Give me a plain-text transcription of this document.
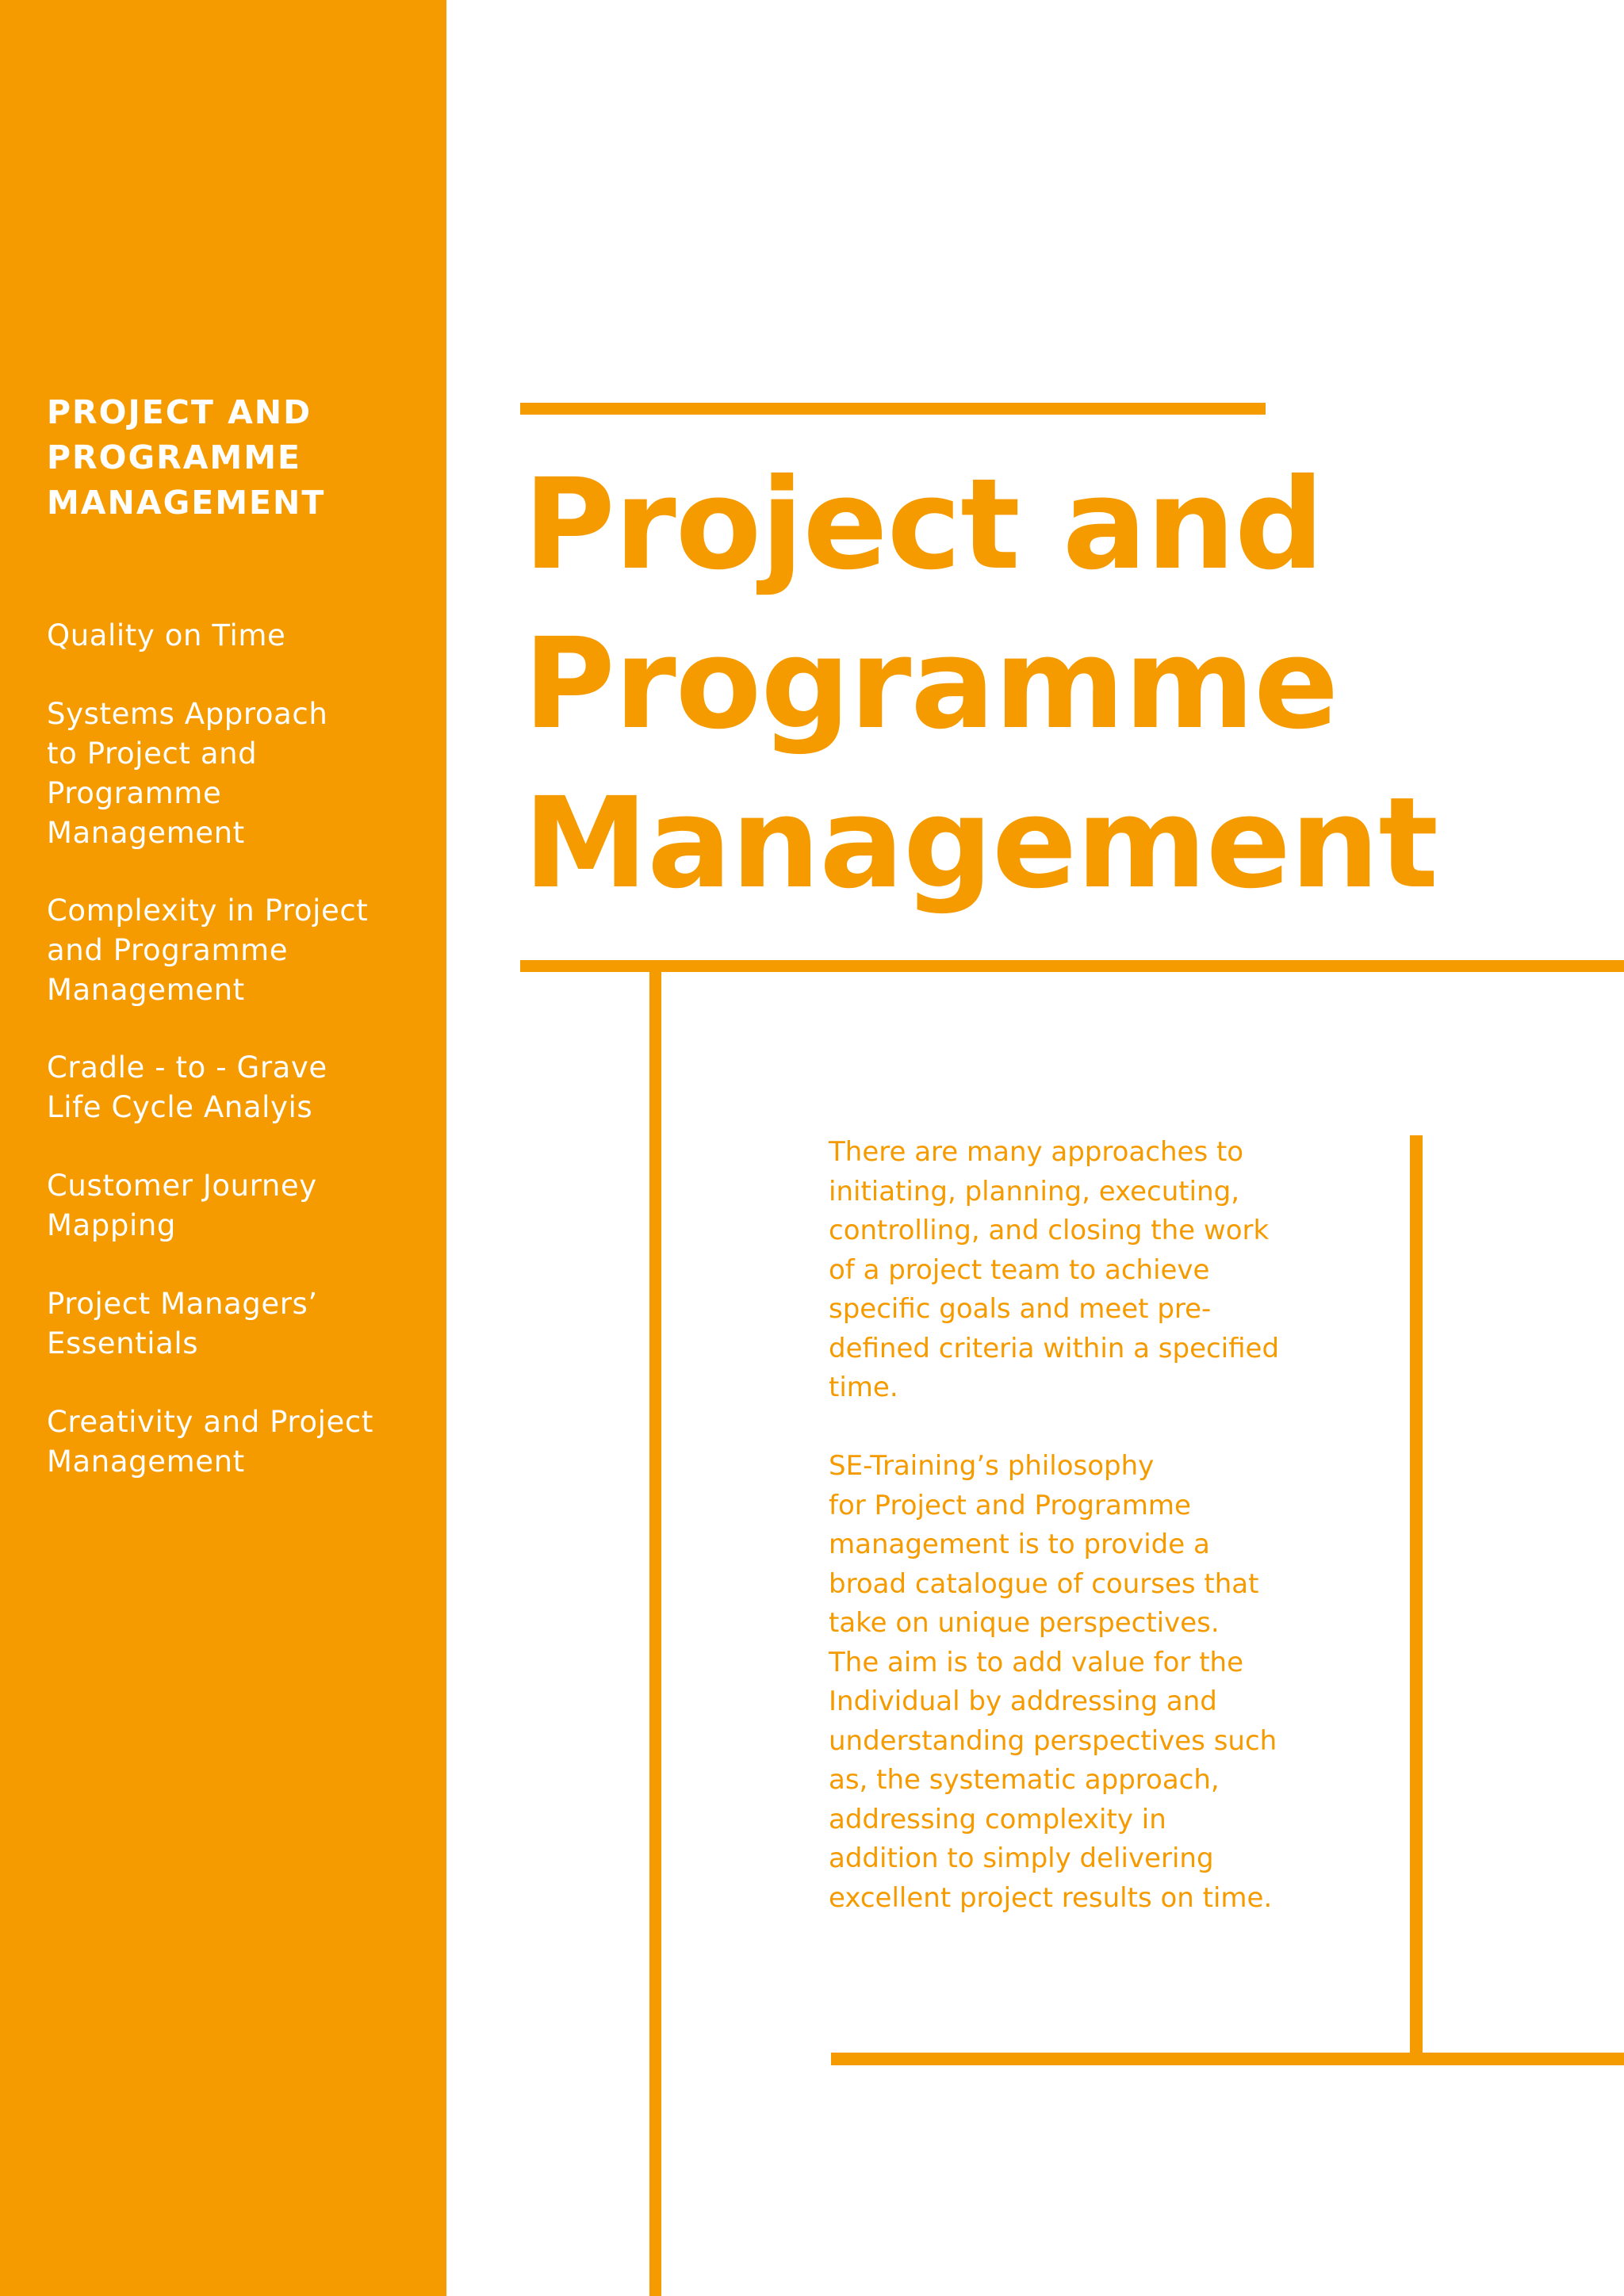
PROJECT AND
PROGRAMME
MANAGEMENT
Quality on Time
Systems Approach
to Project and
Programme
Management
Complexity in Project
and Programme
Management
Cradle - to - Grave
Life Cycle Analyis
Customer Journey
Mapping
Project Managers’
Essentials
Creativity and Project
Management
Project and
Programme
Management

There are many approaches to
initiating, planning, executing,
controlling, and closing the work
of a project team to achieve
specific goals and meet pre-
defined criteria within a specified
time.

SE-Training’s philosophy
for Project and Programme
management is to provide a
broad catalogue of courses that
take on unique perspectives.
The aim is to add value for the
Individual by addressing and
understanding perspectives such
as, the systematic approach,
addressing complexity in
addition to simply delivering
excellent project results on time.
